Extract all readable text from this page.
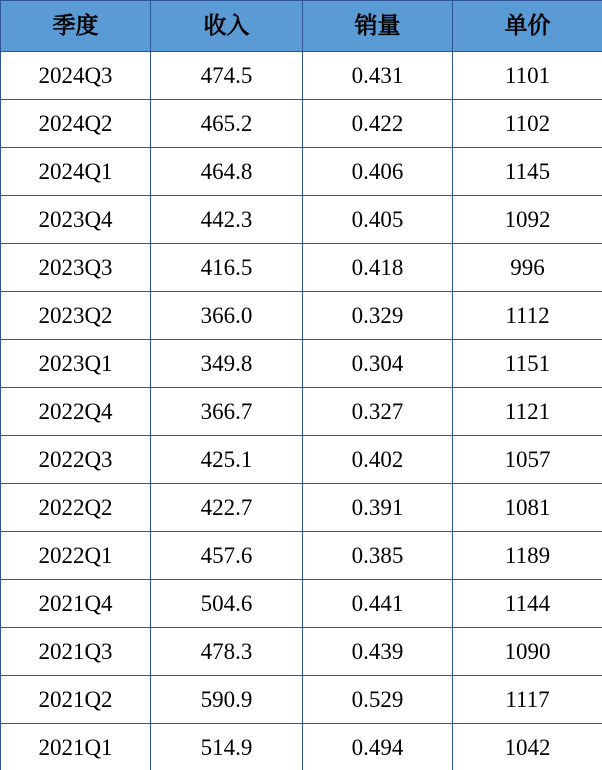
季度	收入	销量	单价
2024Q3	474.5	0.431	1101
2024Q2	465.2	0.422	1102
2024Q1	464.8	0.406	1145
2023Q4	442.3	0.405	1092
2023Q3	416.5	0.418	996
2023Q2	366.0	0.329	1112
2023Q1	349.8	0.304	1151
2022Q4	366.7	0.327	1121
2022Q3	425.1	0.402	1057
2022Q2	422.7	0.391	1081
2022Q1	457.6	0.385	1189
2021Q4	504.6	0.441	1144
2021Q3	478.3	0.439	1090
2021Q2	590.9	0.529	1117
2021Q1	514.9	0.494	1042
